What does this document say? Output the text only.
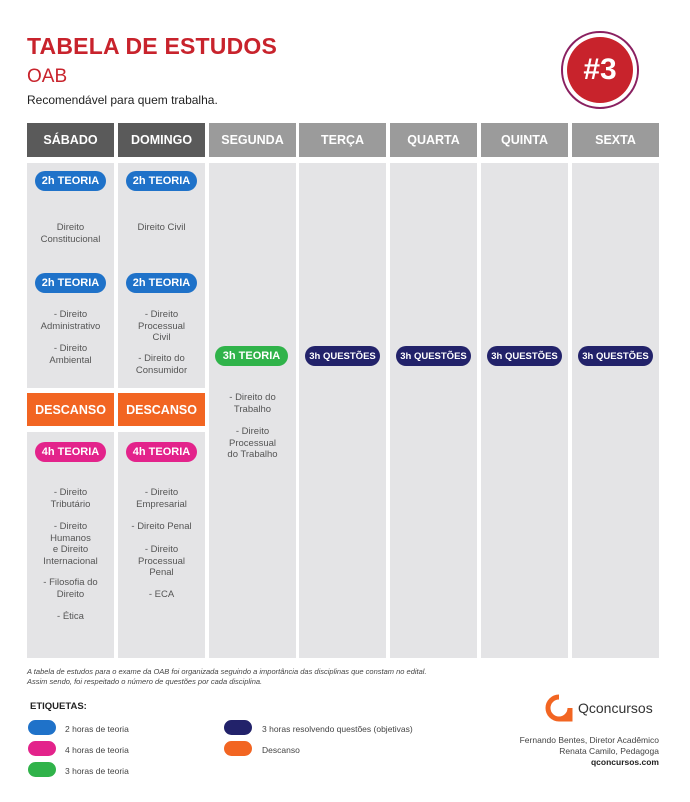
TABELA DE ESTUDOS
OAB
Recomendável para quem trabalha.
#3
SÁBADO
2h TEORIA
Direito
Constitucional
2h TEORIA
- Direito
Administrativo
- Direito
Ambiental
DESCANSO
4h TEORIA
- Direito
Tributário
- Direito
Humanos
e Direito
Internacional
- Filosofia do
Direito
- Ética
DOMINGO
2h TEORIA
Direito Civil
2h TEORIA
- Direito
Processual
Civil
- Direito do
Consumidor
DESCANSO
4h TEORIA
- Direito
Empresarial
- Direito Penal
- Direito
Processual
Penal
- ECA
SEGUNDA
3h TEORIA
- Direito do
Trabalho
- Direito
Processual
do Trabalho
TERÇA
3h QUESTÕES
QUARTA
3h QUESTÕES
QUINTA
3h QUESTÕES
SEXTA
3h QUESTÕES
A tabela de estudos para o exame da OAB foi organizada seguindo a importância das disciplinas que constam no edital.
Assim sendo, foi respeitado o número de questões por cada disciplina.
ETIQUETAS:
2 horas de teoria
4 horas de teoria
3 horas de teoria
3 horas resolvendo questões (objetivas)
Descanso
Qconcursos
Fernando Bentes, Diretor Acadêmico
Renata Camilo, Pedagoga
qconcursos.com
